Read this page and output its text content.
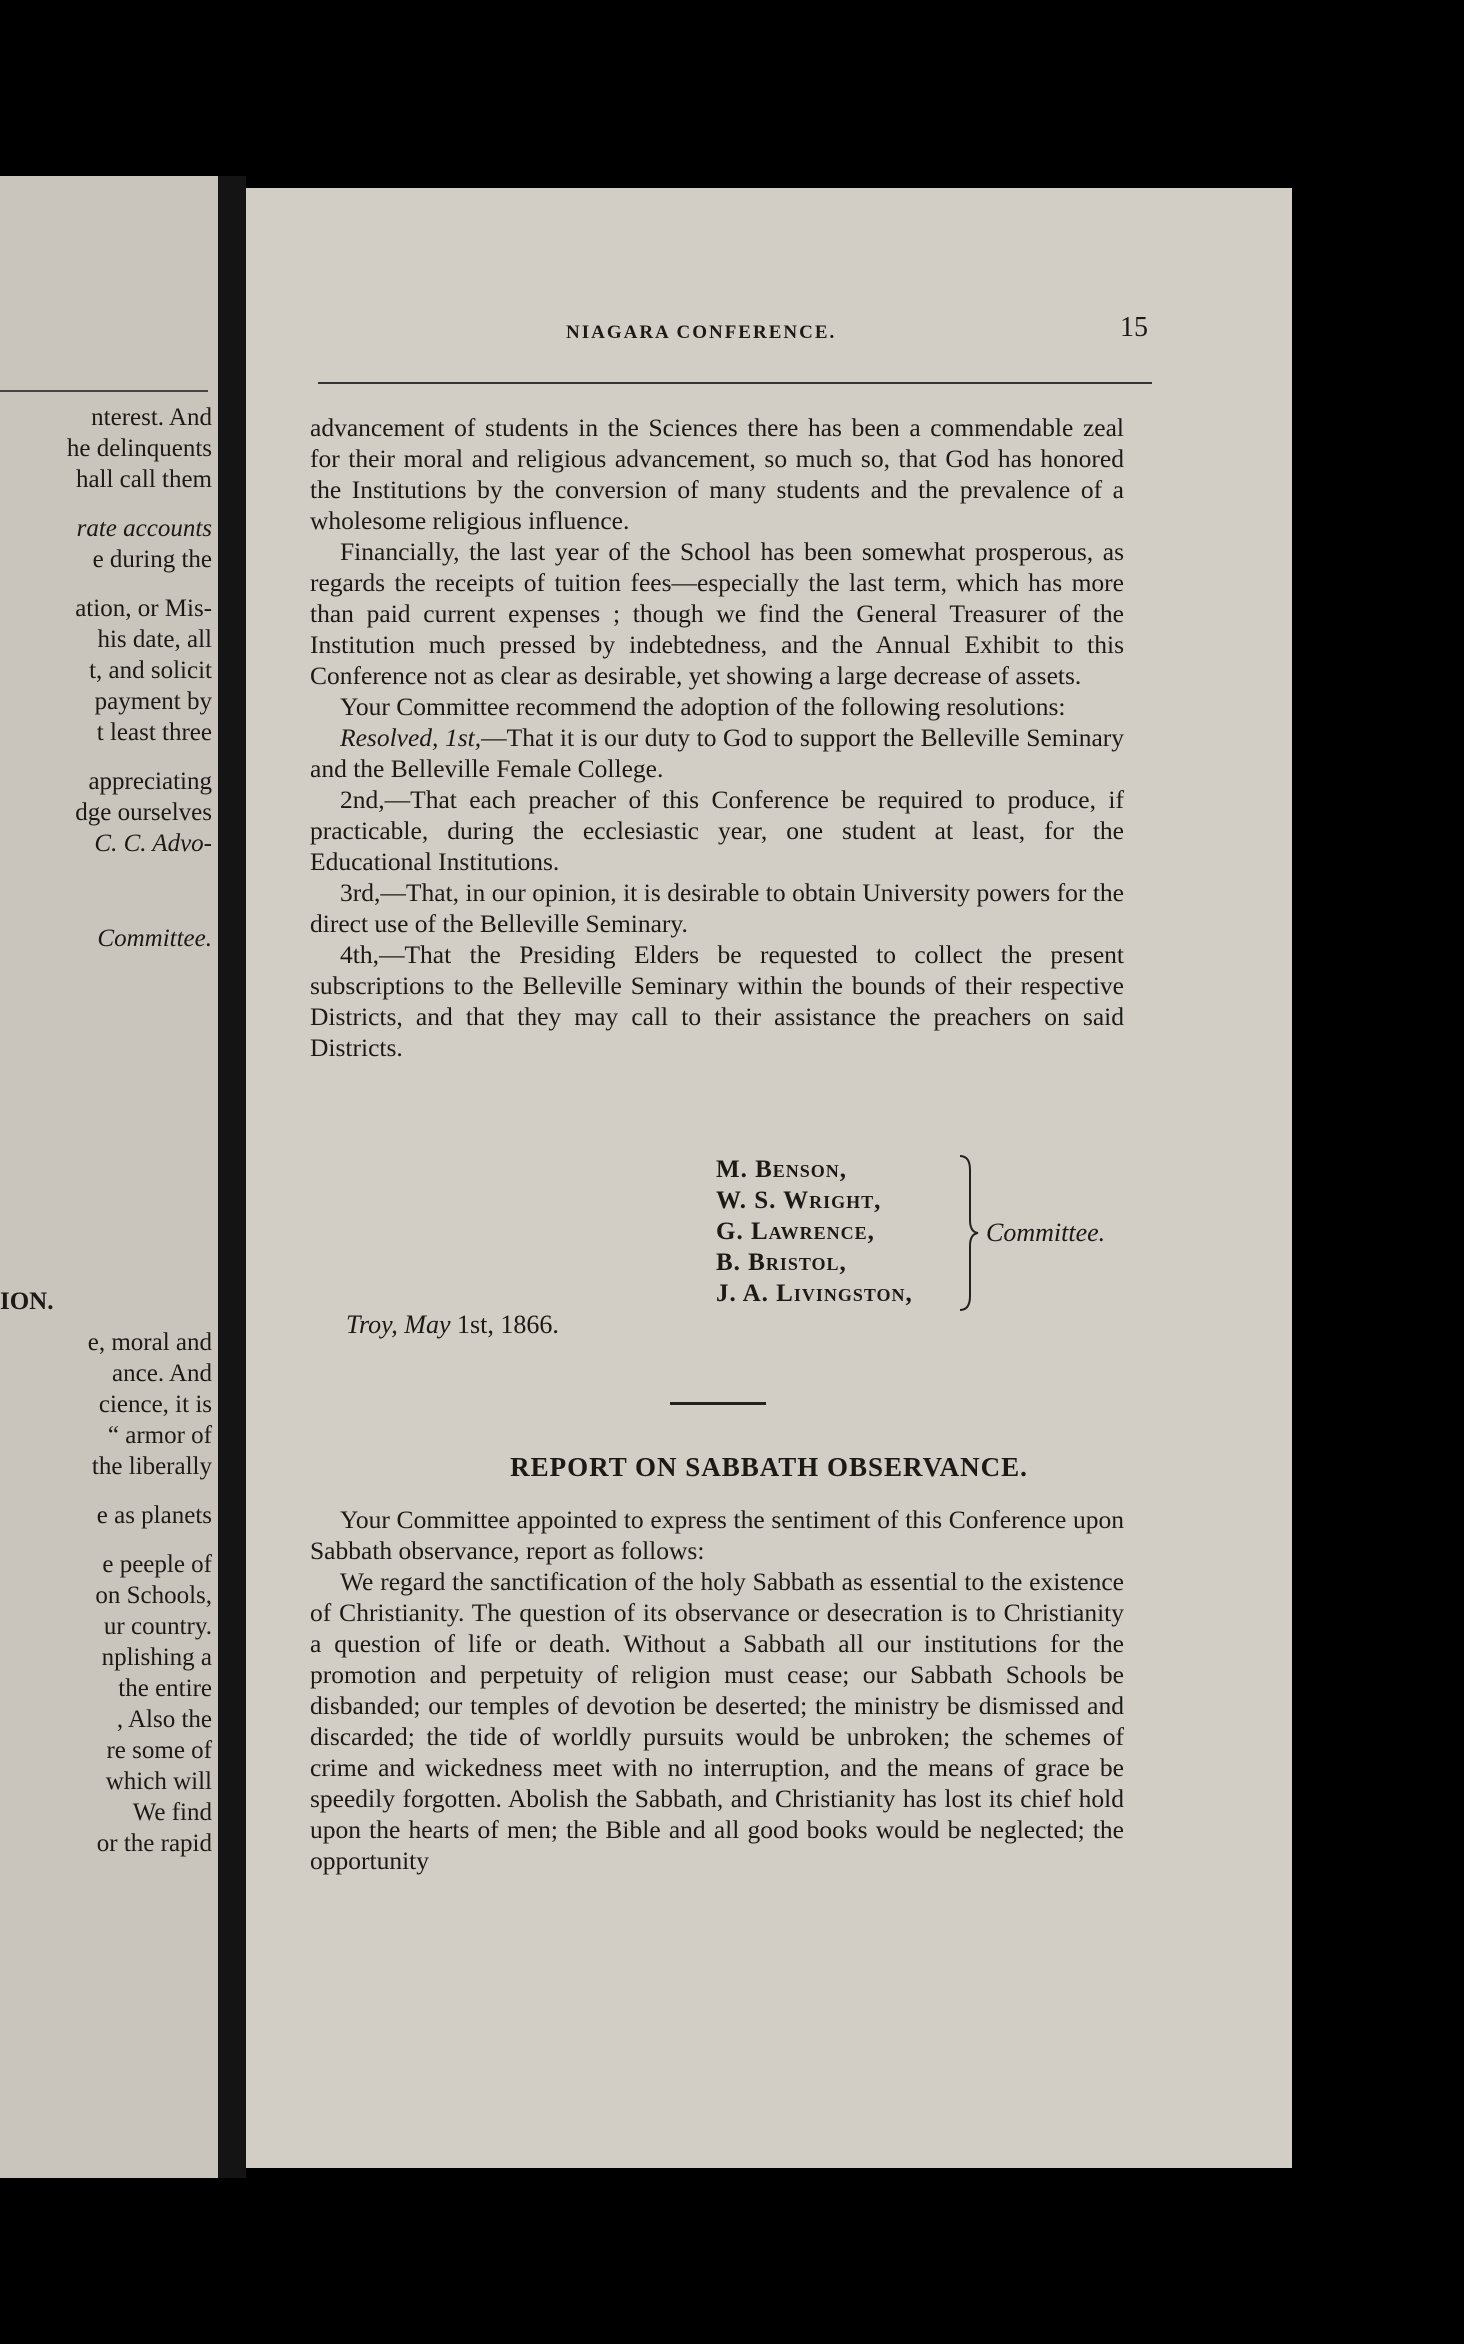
nterest. And
he delinquents
hall call them
rate accounts
e during the
ation, or Mis-
his date, all
t, and solicit
payment by
t least three
appreciating
dge ourselves
C. C. Advo-
Committee.
ION.
e, moral and
ance. And
cience, it is
“ armor of
the liberally
e as planets
e peeple of
on Schools,
ur country.
nplishing a
the entire
, Also the
re some of
which will
We find
or the rapid
NIAGARA CONFERENCE.	15

advancement of students in the Sciences there has been a commendable zeal for their moral and religious advancement, so much so, that God has honored the Institutions by the conversion of many students and the prevalence of a wholesome religious influence.

Financially, the last year of the School has been somewhat prosperous, as regards the receipts of tuition fees—especially the last term, which has more than paid current expenses ; though we find the General Treasurer of the Institution much pressed by indebtedness, and the Annual Exhibit to this Conference not as clear as desirable, yet showing a large decrease of assets.

Your Committee recommend the adoption of the following resolutions:

Resolved, 1st,—That it is our duty to God to support the Belleville Seminary and the Belleville Female College.

2nd,—That each preacher of this Conference be required to produce, if practicable, during the ecclesiastic year, one student at least, for the Educational Institutions.

3rd,—That, in our opinion, it is desirable to obtain University powers for the direct use of the Belleville Seminary.

4th,—That the Presiding Elders be requested to collect the present subscriptions to the Belleville Seminary within the bounds of their respective Districts, and that they may call to their assistance the preachers on said Districts.

M. Benson,
W. S. Wright,
G. Lawrence,
B. Bristol,
J. A. Livingston,
Committee.
Troy, May 1st, 1866.
REPORT ON SABBATH OBSERVANCE.

Your Committee appointed to express the sentiment of this Conference upon Sabbath observance, report as follows:

We regard the sanctification of the holy Sabbath as essential to the existence of Christianity. The question of its observance or desecration is to Christianity a question of life or death. Without a Sabbath all our institutions for the promotion and perpetuity of religion must cease; our Sabbath Schools be disbanded; our temples of devotion be deserted; the ministry be dismissed and discarded; the tide of worldly pursuits would be unbroken; the schemes of crime and wickedness meet with no interruption, and the means of grace be speedily forgotten. Abolish the Sabbath, and Christianity has lost its chief hold upon the hearts of men; the Bible and all good books would be neglected; the opportunity
